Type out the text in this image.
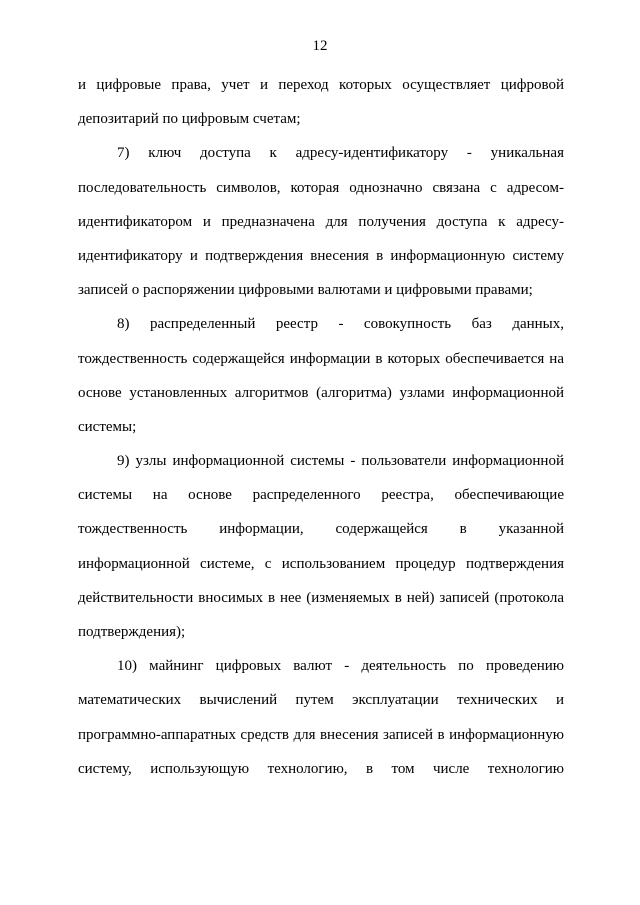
12
и цифровые права, учет и переход которых осуществляет цифровой
депозитарий по цифровым счетам;
7) ключ доступа к адресу-идентификатору - уникальная
последовательность символов, которая однозначно связана с адресом-
идентификатором и предназначена для получения доступа к адресу-
идентификатору и подтверждения внесения в информационную систему
записей о распоряжении цифровыми валютами и цифровыми правами;
8) распределенный реестр - совокупность баз данных,
тождественность содержащейся информации в которых обеспечивается на
основе установленных алгоритмов (алгоритма) узлами информационной
системы;
9) узлы информационной системы - пользователи информационной
системы на основе распределенного реестра, обеспечивающие
тождественность информации, содержащейся в указанной
информационной системе, с использованием процедур подтверждения
действительности вносимых в нее (изменяемых в ней) записей (протокола
подтверждения);
10) майнинг цифровых валют - деятельность по проведению
математических вычислений путем эксплуатации технических и
программно-аппаратных средств для внесения записей в информационную
систему, использующую технологию, в том числе технологию
